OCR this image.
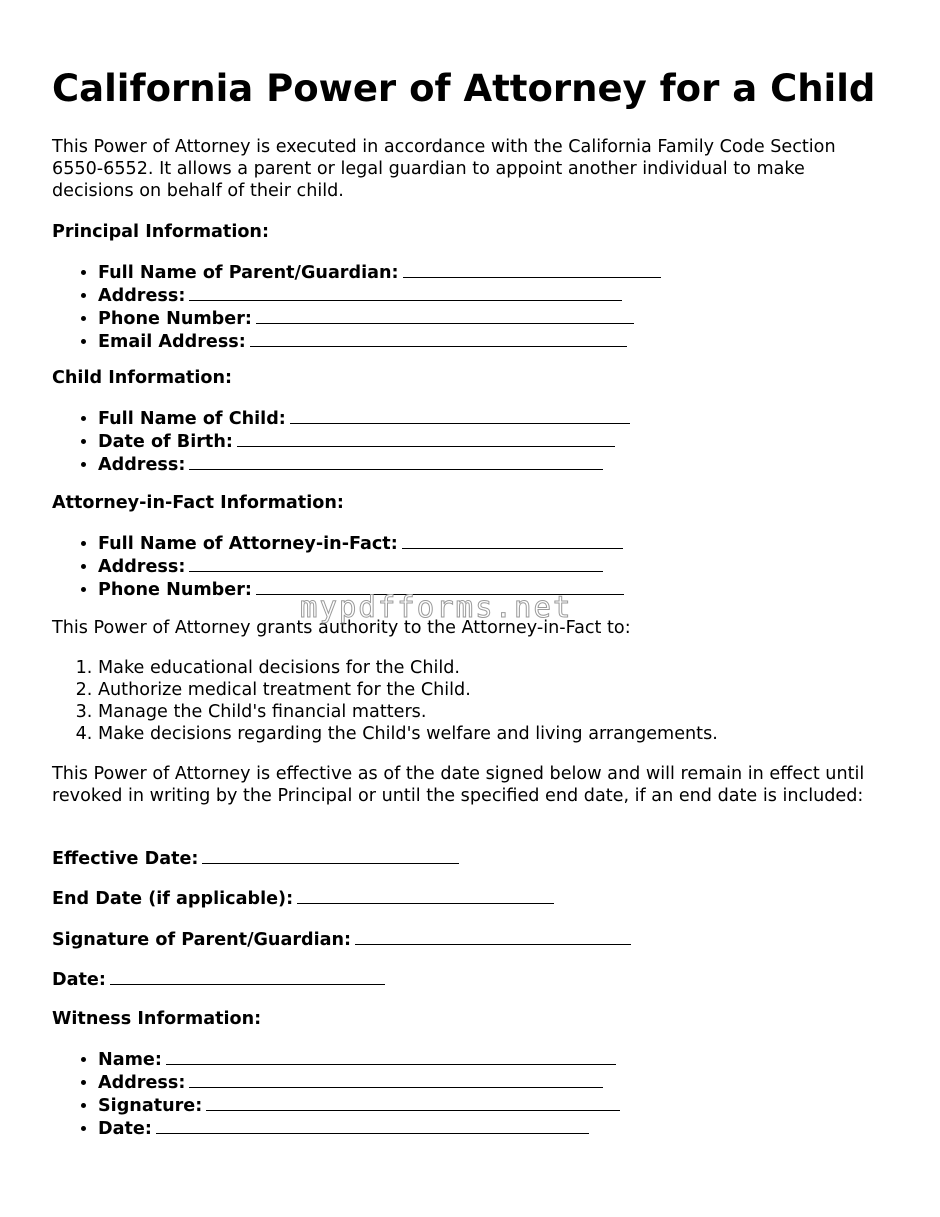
California Power of Attorney for a Child

This Power of Attorney is executed in accordance with the California Family Code Section 6550-6552. It allows a parent or legal guardian to appoint another individual to make decisions on behalf of their child.

Principal Information:
• Full Name of Parent/Guardian:
• Address:
• Phone Number:
• Email Address:
Child Information:
• Full Name of Child:
• Date of Birth:
• Address:
Attorney-in-Fact Information:
• Full Name of Attorney-in-Fact:
• Address:
• Phone Number:

This Power of Attorney grants authority to the Attorney-in-Fact to:

1. Make educational decisions for the Child.
2. Authorize medical treatment for the Child.
3. Manage the Child's financial matters.
4. Make decisions regarding the Child's welfare and living arrangements.

This Power of Attorney is effective as of the date signed below and will remain in effect until revoked in writing by the Principal or until the specified end date, if an end date is included:

Effective Date:
End Date (if applicable):
Signature of Parent/Guardian:
Date:
Witness Information:
• Name:
• Address:
• Signature:
• Date:
mypdfforms.net
